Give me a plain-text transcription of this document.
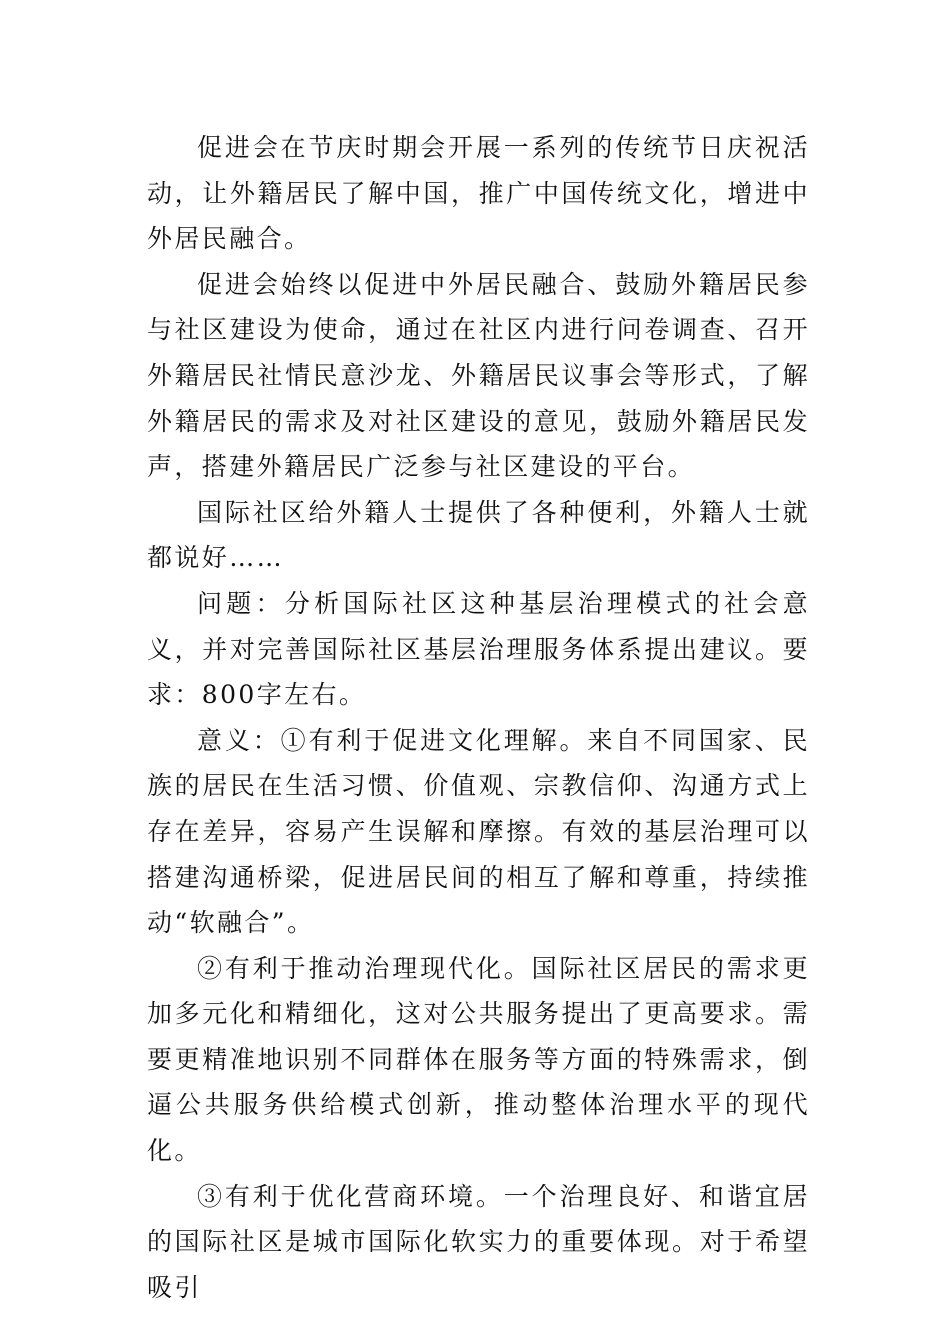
促进会在节庆时期会开展一系列的传统节日庆祝活动，让外籍居民了解中国，推广中国传统文化，增进中外居民融合。

促进会始终以促进中外居民融合、鼓励外籍居民参与社区建设为使命，通过在社区内进行问卷调查、召开外籍居民社情民意沙龙、外籍居民议事会等形式，了解外籍居民的需求及对社区建设的意见，鼓励外籍居民发声，搭建外籍居民广泛参与社区建设的平台。

国际社区给外籍人士提供了各种便利，外籍人士就都说好……

问题：分析国际社区这种基层治理模式的社会意义，并对完善国际社区基层治理服务体系提出建议。要求：800字左右。

意义：①有利于促进文化理解。来自不同国家、民族的居民在生活习惯、价值观、宗教信仰、沟通方式上存在差异，容易产生误解和摩擦。有效的基层治理可以搭建沟通桥梁，促进居民间的相互了解和尊重，持续推动“软融合”。

②有利于推动治理现代化。国际社区居民的需求更加多元化和精细化，这对公共服务提出了更高要求。需要更精准地识别不同群体在服务等方面的特殊需求，倒逼公共服务供给模式创新，推动整体治理水平的现代化。

③有利于优化营商环境。一个治理良好、和谐宜居的国际社区是城市国际化软实力的重要体现。对于希望吸引
